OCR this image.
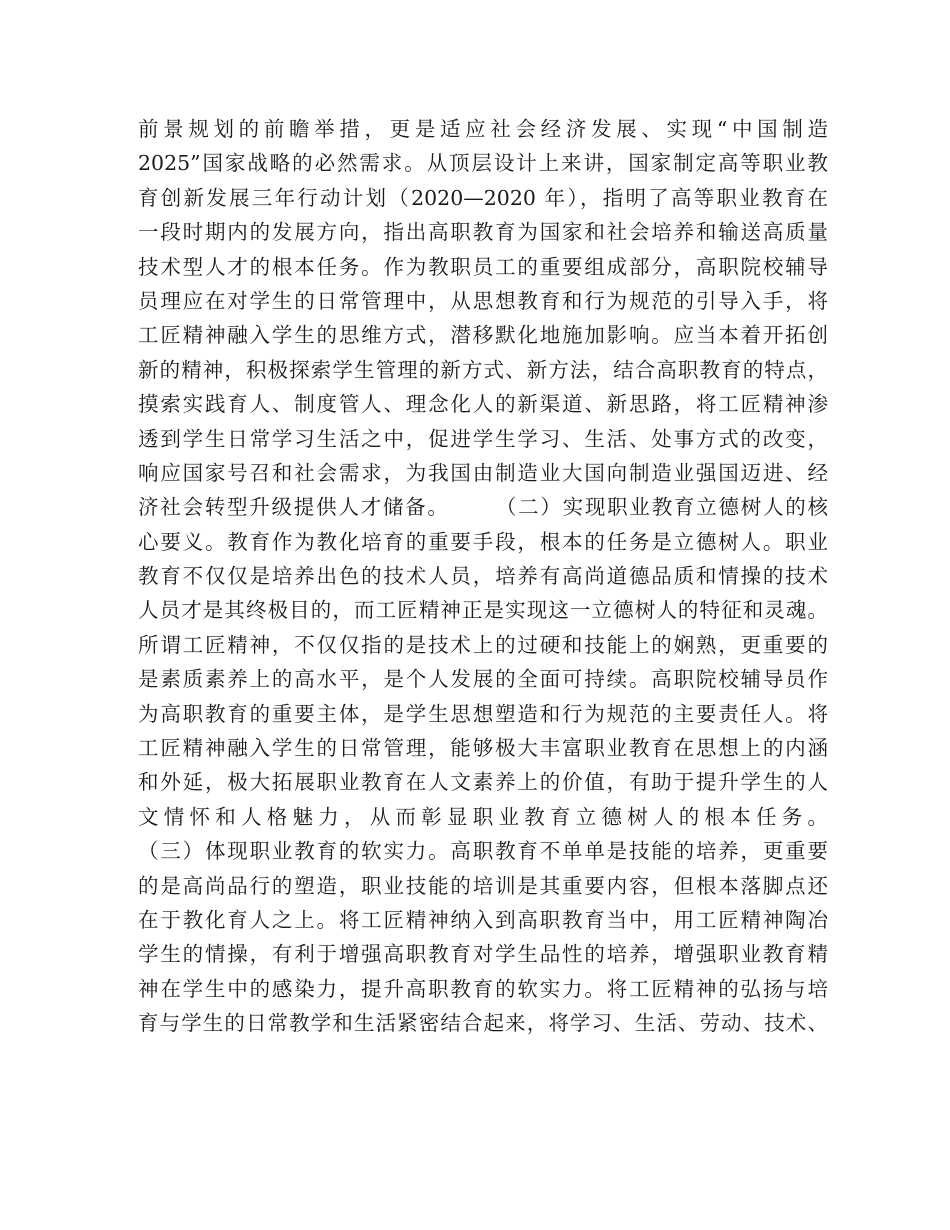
前景规划的前瞻举措，更是适应社会经济发展、实现“中国制造
2025”国家战略的必然需求。从顶层设计上来讲，国家制定高等职业教
育创新发展三年行动计划（2020—2020 年），指明了高等职业教育在
一段时期内的发展方向，指出高职教育为国家和社会培养和输送高质量
技术型人才的根本任务。作为教职员工的重要组成部分，高职院校辅导
员理应在对学生的日常管理中，从思想教育和行为规范的引导入手，将
工匠精神融入学生的思维方式，潜移默化地施加影响。应当本着开拓创
新的精神，积极探索学生管理的新方式、新方法，结合高职教育的特点，
摸索实践育人、制度管人、理念化人的新渠道、新思路，将工匠精神渗
透到学生日常学习生活之中，促进学生学习、生活、处事方式的改变，
响应国家号召和社会需求，为我国由制造业大国向制造业强国迈进、经
济社会转型升级提供人才储备。　　　（二）实现职业教育立德树人的核
心要义。教育作为教化培育的重要手段，根本的任务是立德树人。职业
教育不仅仅是培养出色的技术人员，培养有高尚道德品质和情操的技术
人员才是其终极目的，而工匠精神正是实现这一立德树人的特征和灵魂。
所谓工匠精神，不仅仅指的是技术上的过硬和技能上的娴熟，更重要的
是素质素养上的高水平，是个人发展的全面可持续。高职院校辅导员作
为高职教育的重要主体，是学生思想塑造和行为规范的主要责任人。将
工匠精神融入学生的日常管理，能够极大丰富职业教育在思想上的内涵
和外延，极大拓展职业教育在人文素养上的价值，有助于提升学生的人
文情怀和人格魅力，从而彰显职业教育立德树人的根本任务。
（三）体现职业教育的软实力。高职教育不单单是技能的培养，更重要
的是高尚品行的塑造，职业技能的培训是其重要内容，但根本落脚点还
在于教化育人之上。将工匠精神纳入到高职教育当中，用工匠精神陶冶
学生的情操，有利于增强高职教育对学生品性的培养，增强职业教育精
神在学生中的感染力，提升高职教育的软实力。将工匠精神的弘扬与培
育与学生的日常教学和生活紧密结合起来，将学习、生活、劳动、技术、
